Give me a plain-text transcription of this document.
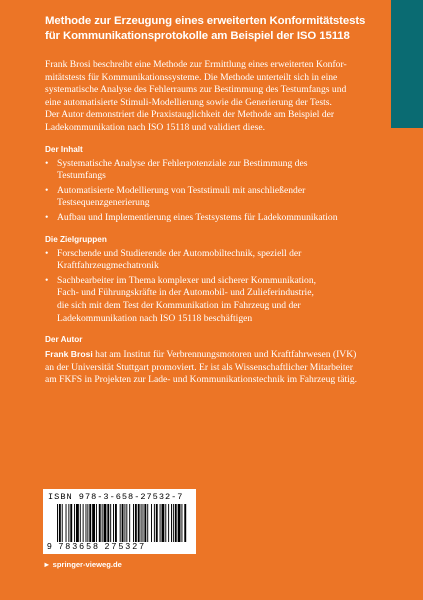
Methode zur Erzeugung eines erweiterten Konformitätstests
für Kommunikationsprotokolle am Beispiel der ISO 15118
Frank Brosi beschreibt eine Methode zur Ermittlung eines erweiterten Konfor-
mitätstests für Kommunikationssysteme. Die Methode unterteilt sich in eine
systematische Analyse des Fehlerraums zur Bestimmung des Testumfangs und
eine automatisierte Stimuli-Modellierung sowie die Generierung der Tests.
Der Autor demonstriert die Praxistauglichkeit der Methode am Beispiel der
Ladekommunikation nach ISO 15118 und validiert diese.
Der Inhalt
• Systematische Analyse der Fehlerpotenziale zur Bestimmung des
Testumfangs
• Automatisierte Modellierung von Teststimuli mit anschließender
Testsequenzgenerierung
• Aufbau und Implementierung eines Testsystems für Ladekommunikation
Die Zielgruppen
• Forschende und Studierende der Automobiltechnik, speziell der
Kraftfahrzeugmechatronik
• Sachbearbeiter im Thema komplexer und sicherer Kommunikation,
Fach- und Führungskräfte in der Automobil- und Zulieferindustrie,
die sich mit dem Test der Kommunikation im Fahrzeug und der
Ladekommunikation nach ISO 15118 beschäftigen
Der Autor
Frank Brosi hat am Institut für Verbrennungsmotoren und Kraftfahrwesen (IVK)
an der Universität Stuttgart promoviert. Er ist als Wissenschaftlicher Mitarbeiter
am FKFS in Projekten zur Lade- und Kommunikationstechnik im Fahrzeug tätig.
ISBN 978-3-658-27532-7
9 783658 275327
► springer-vieweg.de
